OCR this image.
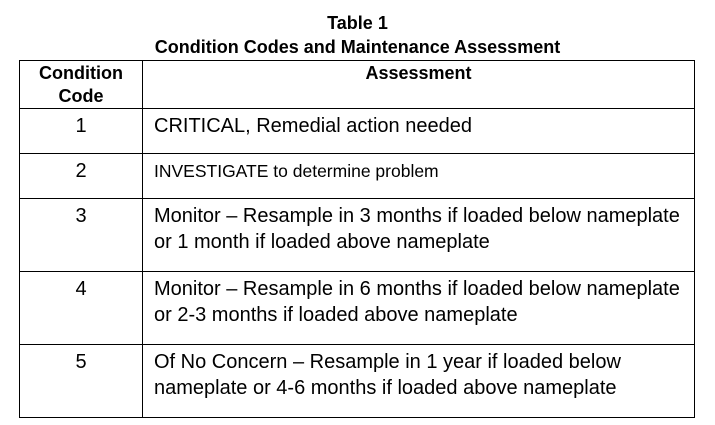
Table 1
Condition Codes and Maintenance Assessment
Condition Code	Assessment
1	CRITICAL, Remedial action needed
2	INVESTIGATE to determine problem
3	Monitor – Resample in 3 months if loaded below nameplate or 1 month if loaded above nameplate
4	Monitor – Resample in 6 months if loaded below nameplate or 2-3 months if loaded above nameplate
5	Of No Concern – Resample in 1 year if loaded below nameplate or 4-6 months if loaded above nameplate
